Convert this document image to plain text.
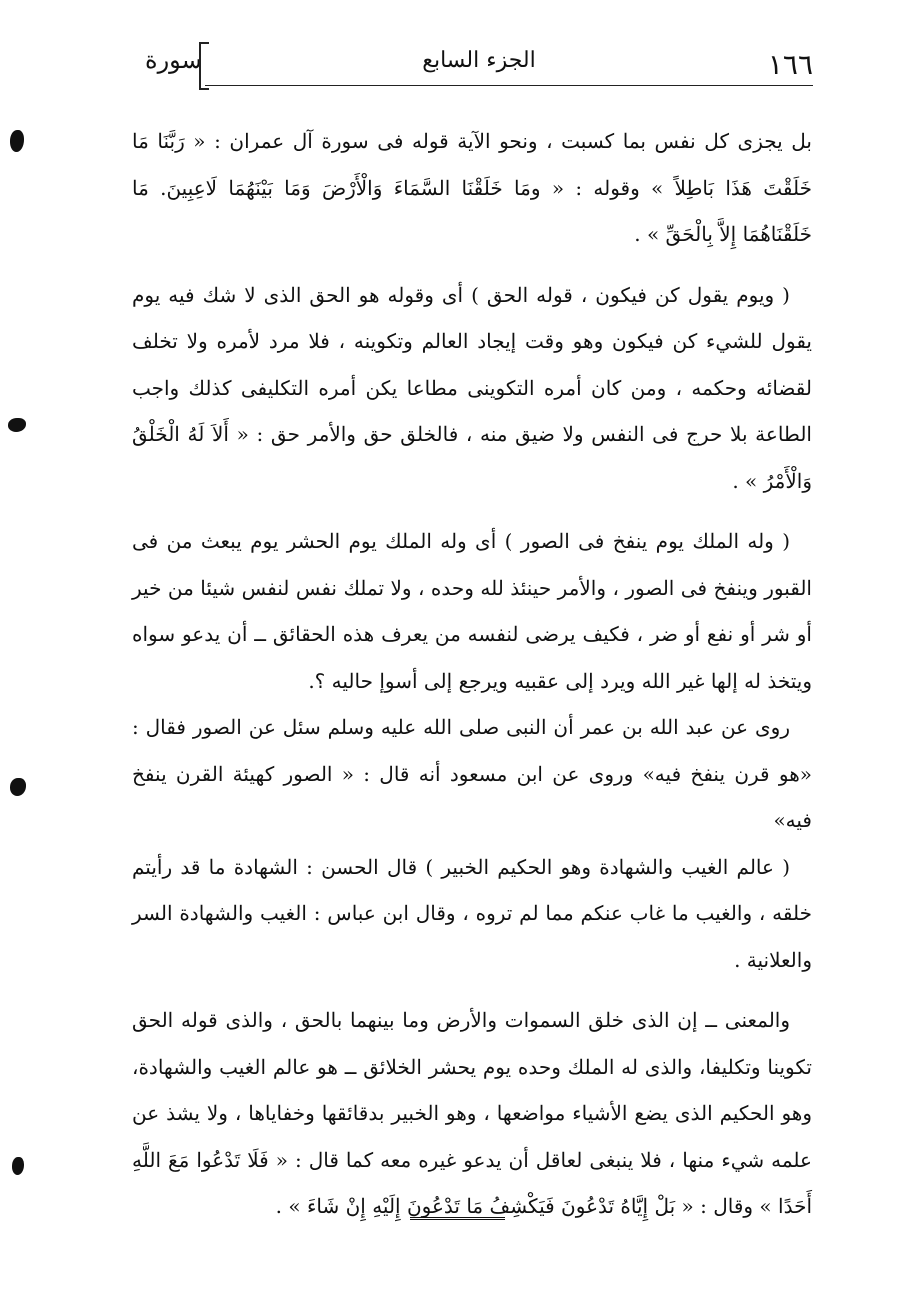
١٦٦
الجزء السابع
سورة

بل يجزى كل نفس بما كسبت ، ونحو الآية قوله فى سورة آل عمران : « رَبَّنَا مَا خَلَقْتَ هَذَا بَاطِلاً » وقوله : « ومَا خَلَقْنَا السَّمَاءَ وَالْأَرْضَ وَمَا بَيْنَهُمَا لَاعِبِينَ. مَا خَلَقْنَاهُمَا إِلاَّ بِالْحَقِّ » .

( ويوم يقول كن فيكون ، قوله الحق ) أى وقوله هو الحق الذى لا شك فيه يوم يقول للشيء كن فيكون وهو وقت إيجاد العالم وتكوينه ، فلا مرد لأمره ولا تخلف لقضائه وحكمه ، ومن كان أمره التكوينى مطاعا يكن أمره التكليفى كذلك واجب الطاعة بلا حرج فى النفس ولا ضيق منه ، فالخلق حق والأمر حق : « أَلاَ لَهُ الْخَلْقُ وَالْأَمْرُ » .

( وله الملك يوم ينفخ فى الصور ) أى وله الملك يوم الحشر يوم يبعث من فى القبور وينفخ فى الصور ، والأمر حينئذ لله وحده ، ولا تملك نفس لنفس شيئا من خير أو شر أو نفع أو ضر ، فكيف يرضى لنفسه من يعرف هذه الحقائق ــ أن يدعو سواه ويتخذ له إلها غير الله ويرد إلى عقبيه ويرجع إلى أسوإ حاليه ؟.

روى عن عبد الله بن عمر أن النبى صلى الله عليه وسلم سئل عن الصور فقال : «هو قرن ينفخ فيه» وروى عن ابن مسعود أنه قال : « الصور كهيئة القرن ينفخ فيه»

( عالم الغيب والشهادة وهو الحكيم الخبير ) قال الحسن : الشهادة ما قد رأيتم خلقه ، والغيب ما غاب عنكم مما لم تروه ، وقال ابن عباس : الغيب والشهادة السر والعلانية .

والمعنى ــ إن الذى خلق السموات والأرض وما بينهما بالحق ، والذى قوله الحق تكوينا وتكليفا، والذى له الملك وحده يوم يحشر الخلائق ــ هو عالم الغيب والشهادة، وهو الحكيم الذى يضع الأشياء مواضعها ، وهو الخبير بدقائقها وخفاياها ، ولا يشذ عن علمه شيء منها ، فلا ينبغى لعاقل أن يدعو غيره معه كما قال : « فَلَا تَدْعُوا مَعَ اللَّهِ أَحَدًا » وقال : « بَلْ إِيَّاهُ تَدْعُونَ فَيَكْشِفُ مَا تَدْعُونَ إِلَيْهِ إِنْ شَاءَ » .
